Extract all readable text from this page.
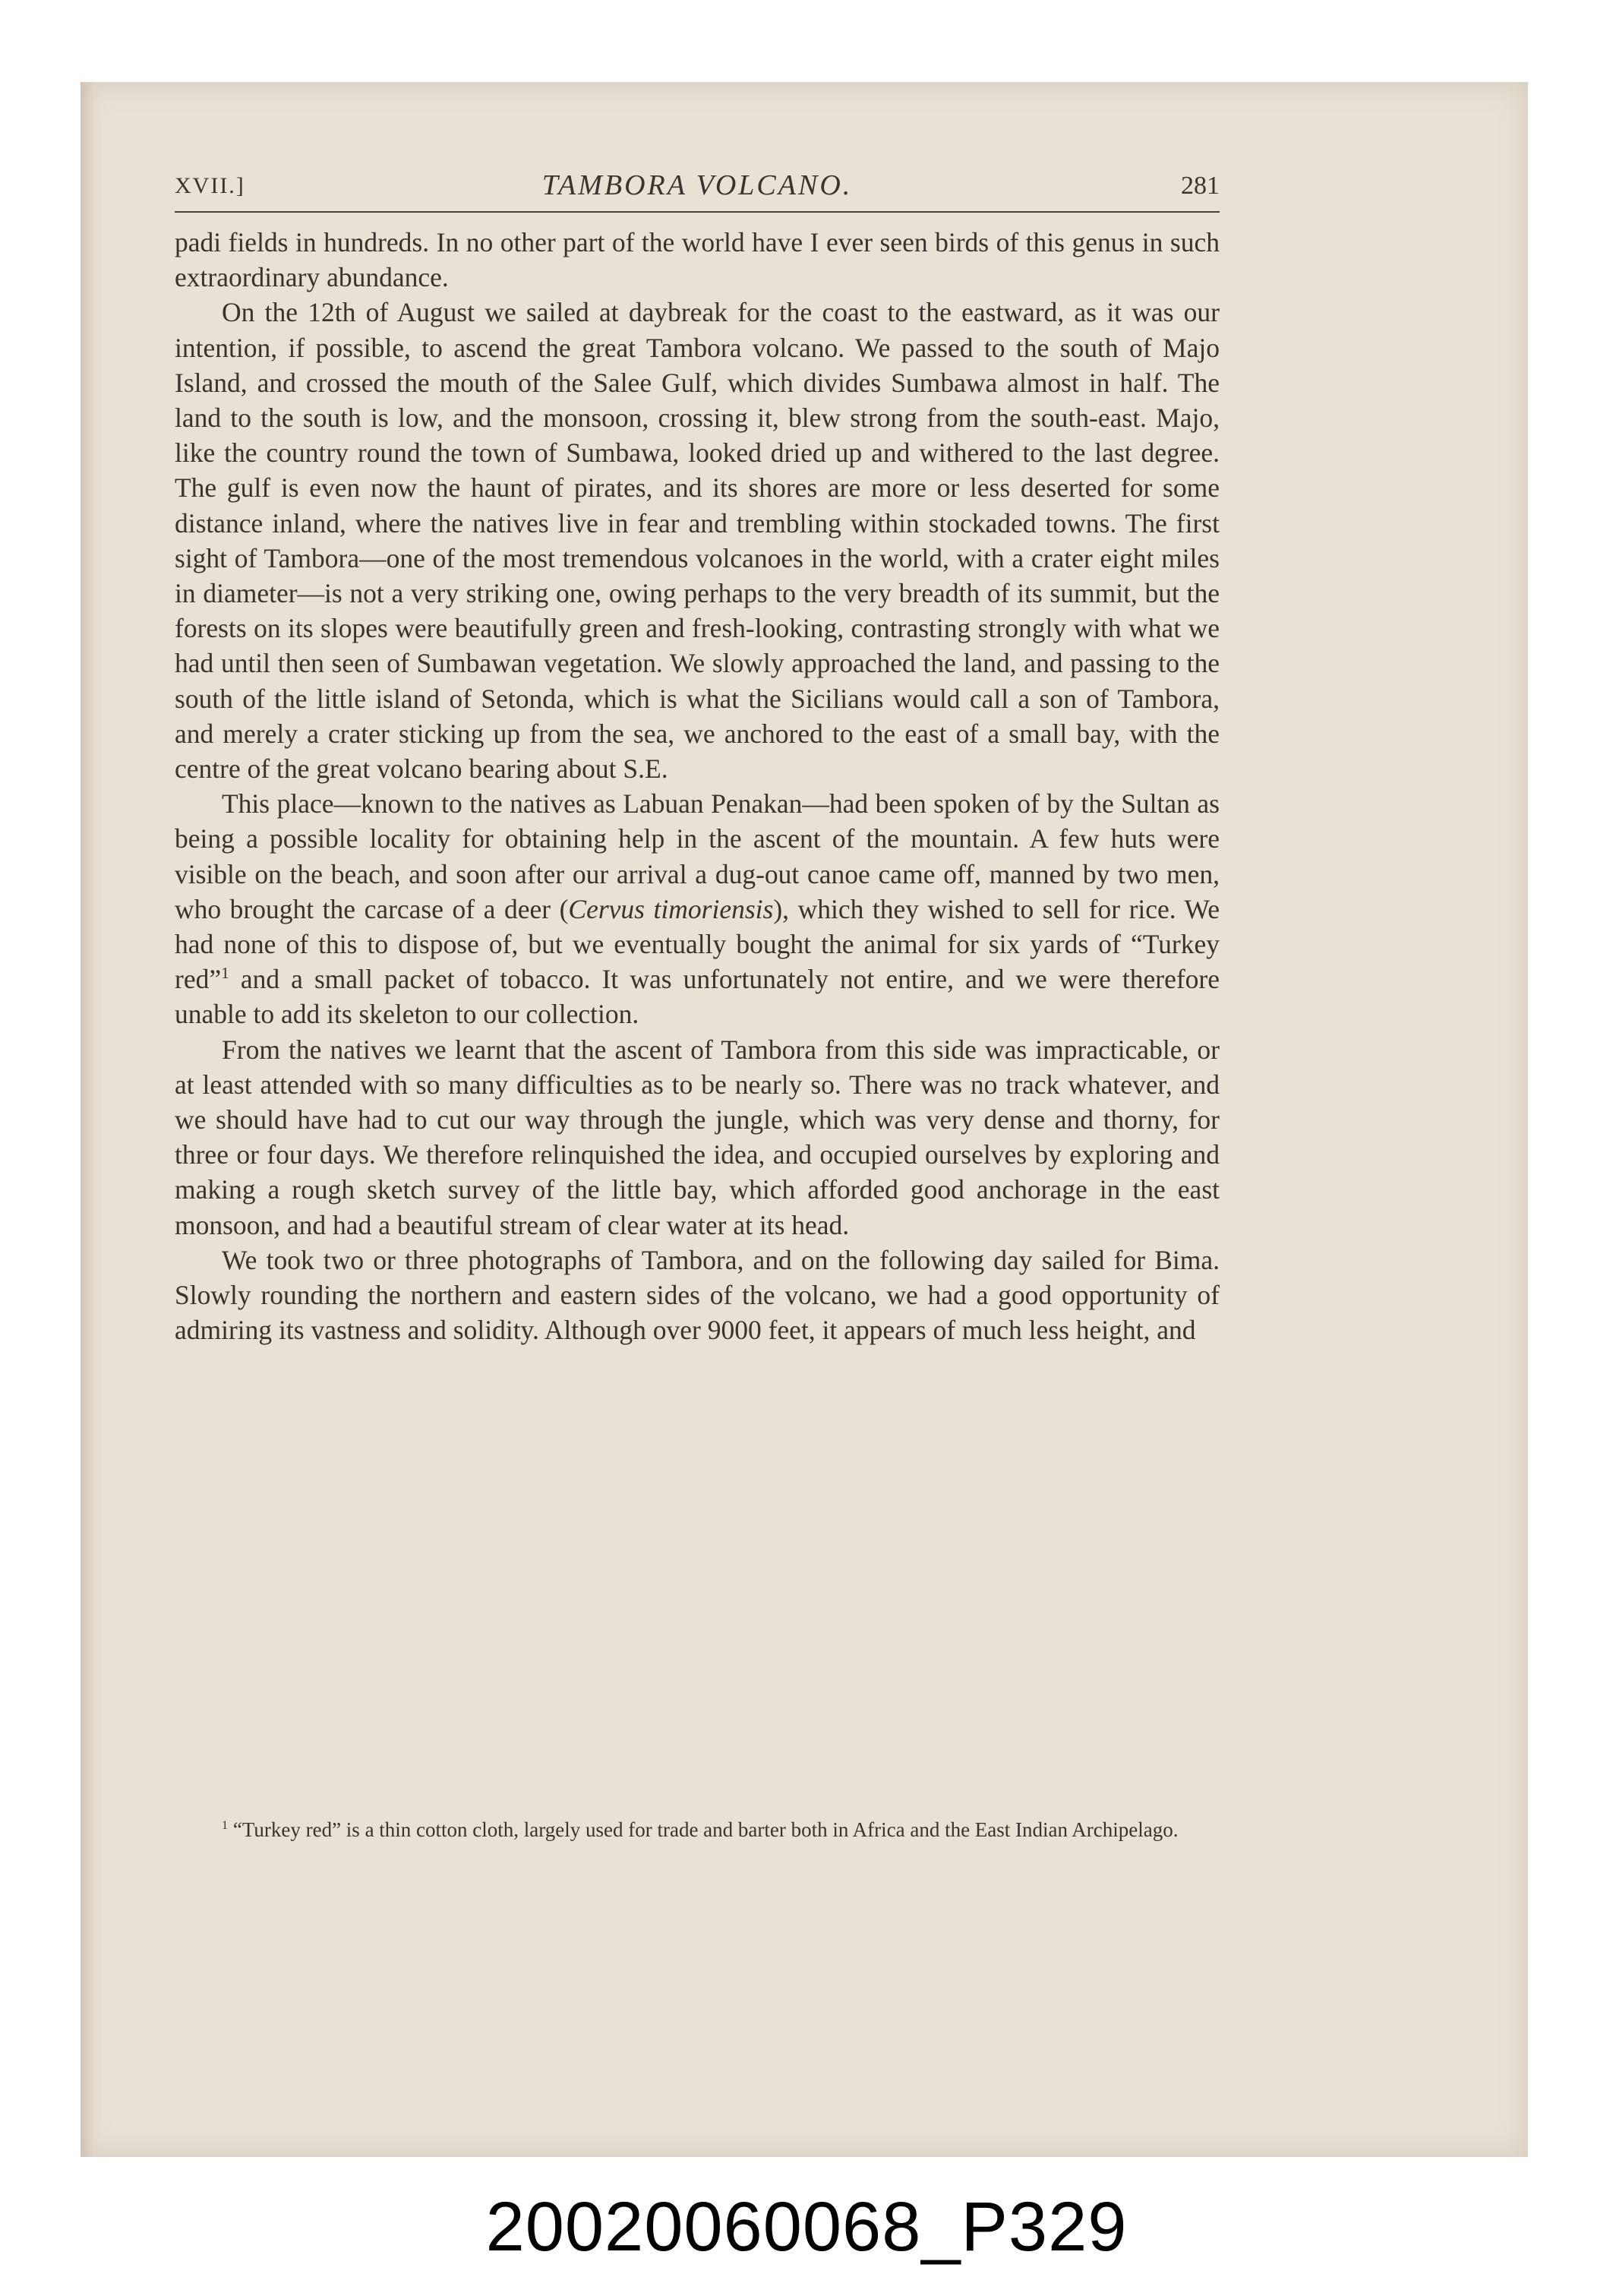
XVII.]	TAMBORA VOLCANO.	281

padi fields in hundreds. In no other part of the world have I ever seen birds of this genus in such extraordinary abundance.

On the 12th of August we sailed at daybreak for the coast to the eastward, as it was our intention, if possible, to ascend the great Tambora volcano. We passed to the south of Majo Island, and crossed the mouth of the Salee Gulf, which divides Sumbawa almost in half. The land to the south is low, and the monsoon, crossing it, blew strong from the south-east. Majo, like the country round the town of Sumbawa, looked dried up and withered to the last degree. The gulf is even now the haunt of pirates, and its shores are more or less deserted for some distance inland, where the natives live in fear and trembling within stockaded towns. The first sight of Tambora—one of the most tremendous volcanoes in the world, with a crater eight miles in diameter—is not a very striking one, owing perhaps to the very breadth of its summit, but the forests on its slopes were beautifully green and fresh-looking, contrasting strongly with what we had until then seen of Sumbawan vegetation. We slowly approached the land, and passing to the south of the little island of Setonda, which is what the Sicilians would call a son of Tambora, and merely a crater sticking up from the sea, we anchored to the east of a small bay, with the centre of the great volcano bearing about S.E.

This place—known to the natives as Labuan Penakan—had been spoken of by the Sultan as being a possible locality for obtaining help in the ascent of the mountain. A few huts were visible on the beach, and soon after our arrival a dug-out canoe came off, manned by two men, who brought the carcase of a deer (Cervus timoriensis), which they wished to sell for rice. We had none of this to dispose of, but we eventually bought the animal for six yards of “Turkey red”$^1$ and a small packet of tobacco. It was unfortunately not entire, and we were therefore unable to add its skeleton to our collection.

From the natives we learnt that the ascent of Tambora from this side was impracticable, or at least attended with so many difficulties as to be nearly so. There was no track whatever, and we should have had to cut our way through the jungle, which was very dense and thorny, for three or four days. We therefore relinquished the idea, and occupied ourselves by exploring and making a rough sketch survey of the little bay, which afforded good anchorage in the east monsoon, and had a beautiful stream of clear water at its head.

We took two or three photographs of Tambora, and on the following day sailed for Bima. Slowly rounding the northern and eastern sides of the volcano, we had a good opportunity of admiring its vastness and solidity. Although over 9000 feet, it appears of much less height, and

$^1$ “Turkey red” is a thin cotton cloth, largely used for trade and barter both in Africa and the East Indian Archipelago.

20020060068_P329
